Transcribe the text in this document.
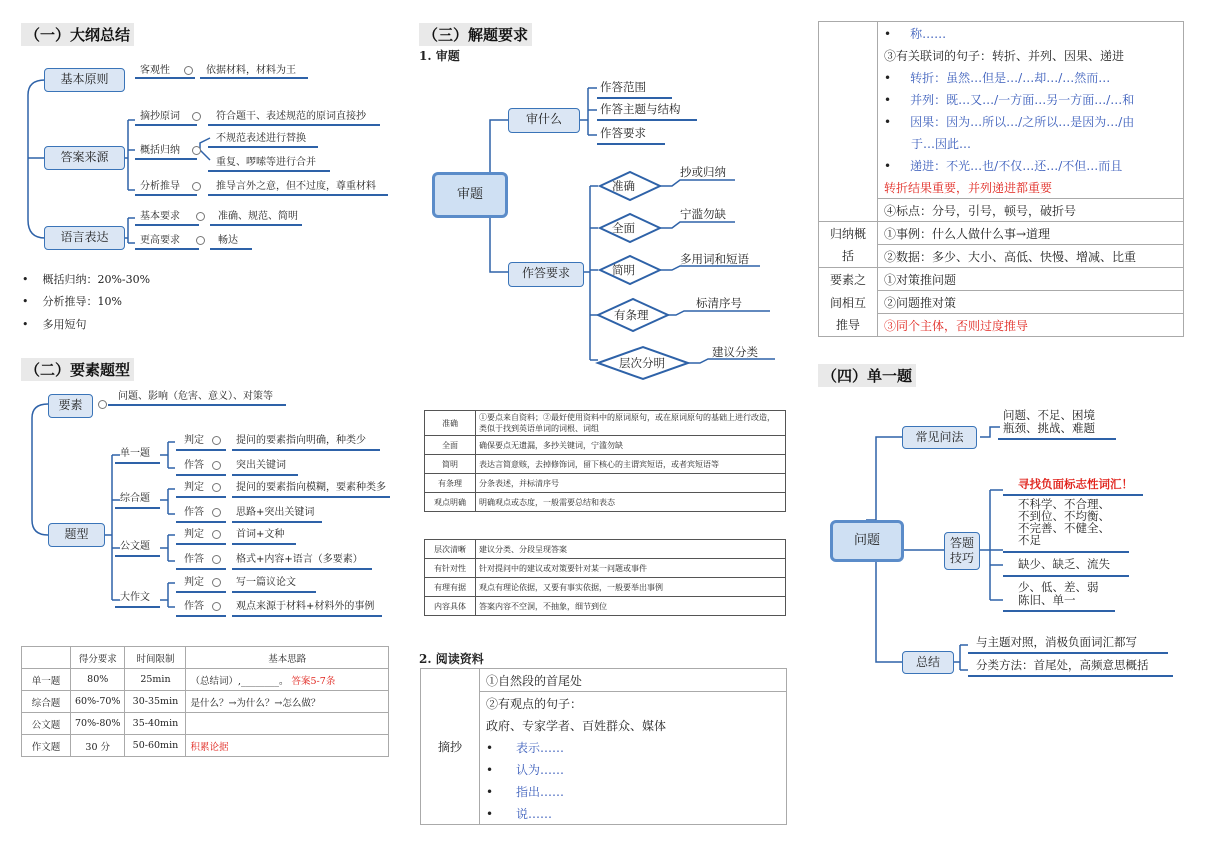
（一）大纲总结
基本原则
答案来源
语言表达
客观性	依据材料，材料为王
摘抄原词	符合题干、表述规范的原词直接抄
概括归纳
不规范表述进行替换
重复、啰嗦等进行合并
分析推导	推导言外之意，但不过度，尊重材料
基本要求	准确、规范、简明
更高要求	畅达
•    概括归纳：20%-30%
•    分析推导：10%
•    多用短句
（二）要素题型
要素
问题、影响（危害、意义）、对策等
题型
单一题
综合题
公文题
大作文
判定	提问的要素指向明确，种类少
作答	突出关键词
判定	提问的要素指向模糊，要素种类多
作答	思路+突出关键词
判定	首词+文种
作答	格式+内容+语言（多要素）
判定	写一篇议论文
作答	观点来源于材料+材料外的事例
	得分要求	时间限制	基本思路
单一题	80%	25min	（总结词）,________。 答案5-7条
综合题	60%-70%	30-35min	是什么？→为什么？→怎么做？
公文题	70%-80%	35-40min	
作文题	30 分	50-60min	积累论据
（三）解题要求
1. 审题
审题
审什么
作答要求
作答范围
作答主题与结构
作答要求
准确
全面
简明
有条理
层次分明
抄或归纳
宁滥勿缺
多用词和短语
标清序号
建议分类
准确	①要点来自资料；②最好使用资料中的原词原句，或在原词原句的基础上进行改造，类似于找到英语单词的词根、词组
全面	确保要点无遗漏，多抄关键词，宁滥勿缺
简明	表达言简意赅，去掉修饰词，留下核心的主谓宾短语，或者宾短语等
有条理	分条表述，并标清序号
观点明确	明确观点或态度，一般需要总结和表态
层次清晰	建议分类、分段呈现答案
有针对性	针对提问中的建议或对策要针对某一问题或事件
有理有据	观点有理论依据，又要有事实依据，一般要举出事例
内容具体	答案内容不空洞，不抽象，细节到位
2. 阅读资料
摘抄	①自然段的首尾处
②有观点的句子：
政府、专家学者、百姓群众、媒体
•      表示……
•      认为……
•      指出……
•      说……
	•     称……
	③有关联词的句子：转折、并列、因果、递进
	•     转折：虽然…但是…/…却…/…然而…
	•     并列：既…又…/一方面…另一方面…/…和
	•     因果：因为…所以…/之所以…是因为…/由
	于…因此…
	•     递进：不光…也/不仅…还…/不但…而且
	转折结果重要，并列递进都重要
	④标点：分号，引号，顿号，破折号
归纳概	①事例：什么人做什么事→道理
括	②数据：多少、大小、高低、快慢、增减、比重
要素之	①对策推问题
间相互	②问题推对策
推导	③同个主体，否则过度推导
（四）单一题
问题
常见问法
答题技巧
总结
问题、不足、困境
瓶颈、挑战、难题
寻找负面标志性词汇！
不科学、不合理、
不到位、不均衡、
不完善、不健全、
不足
缺少、缺乏、流失
少、低、差、弱
陈旧、单一
与主题对照，消极负面词汇都写
分类方法：首尾处，高频意思概括
